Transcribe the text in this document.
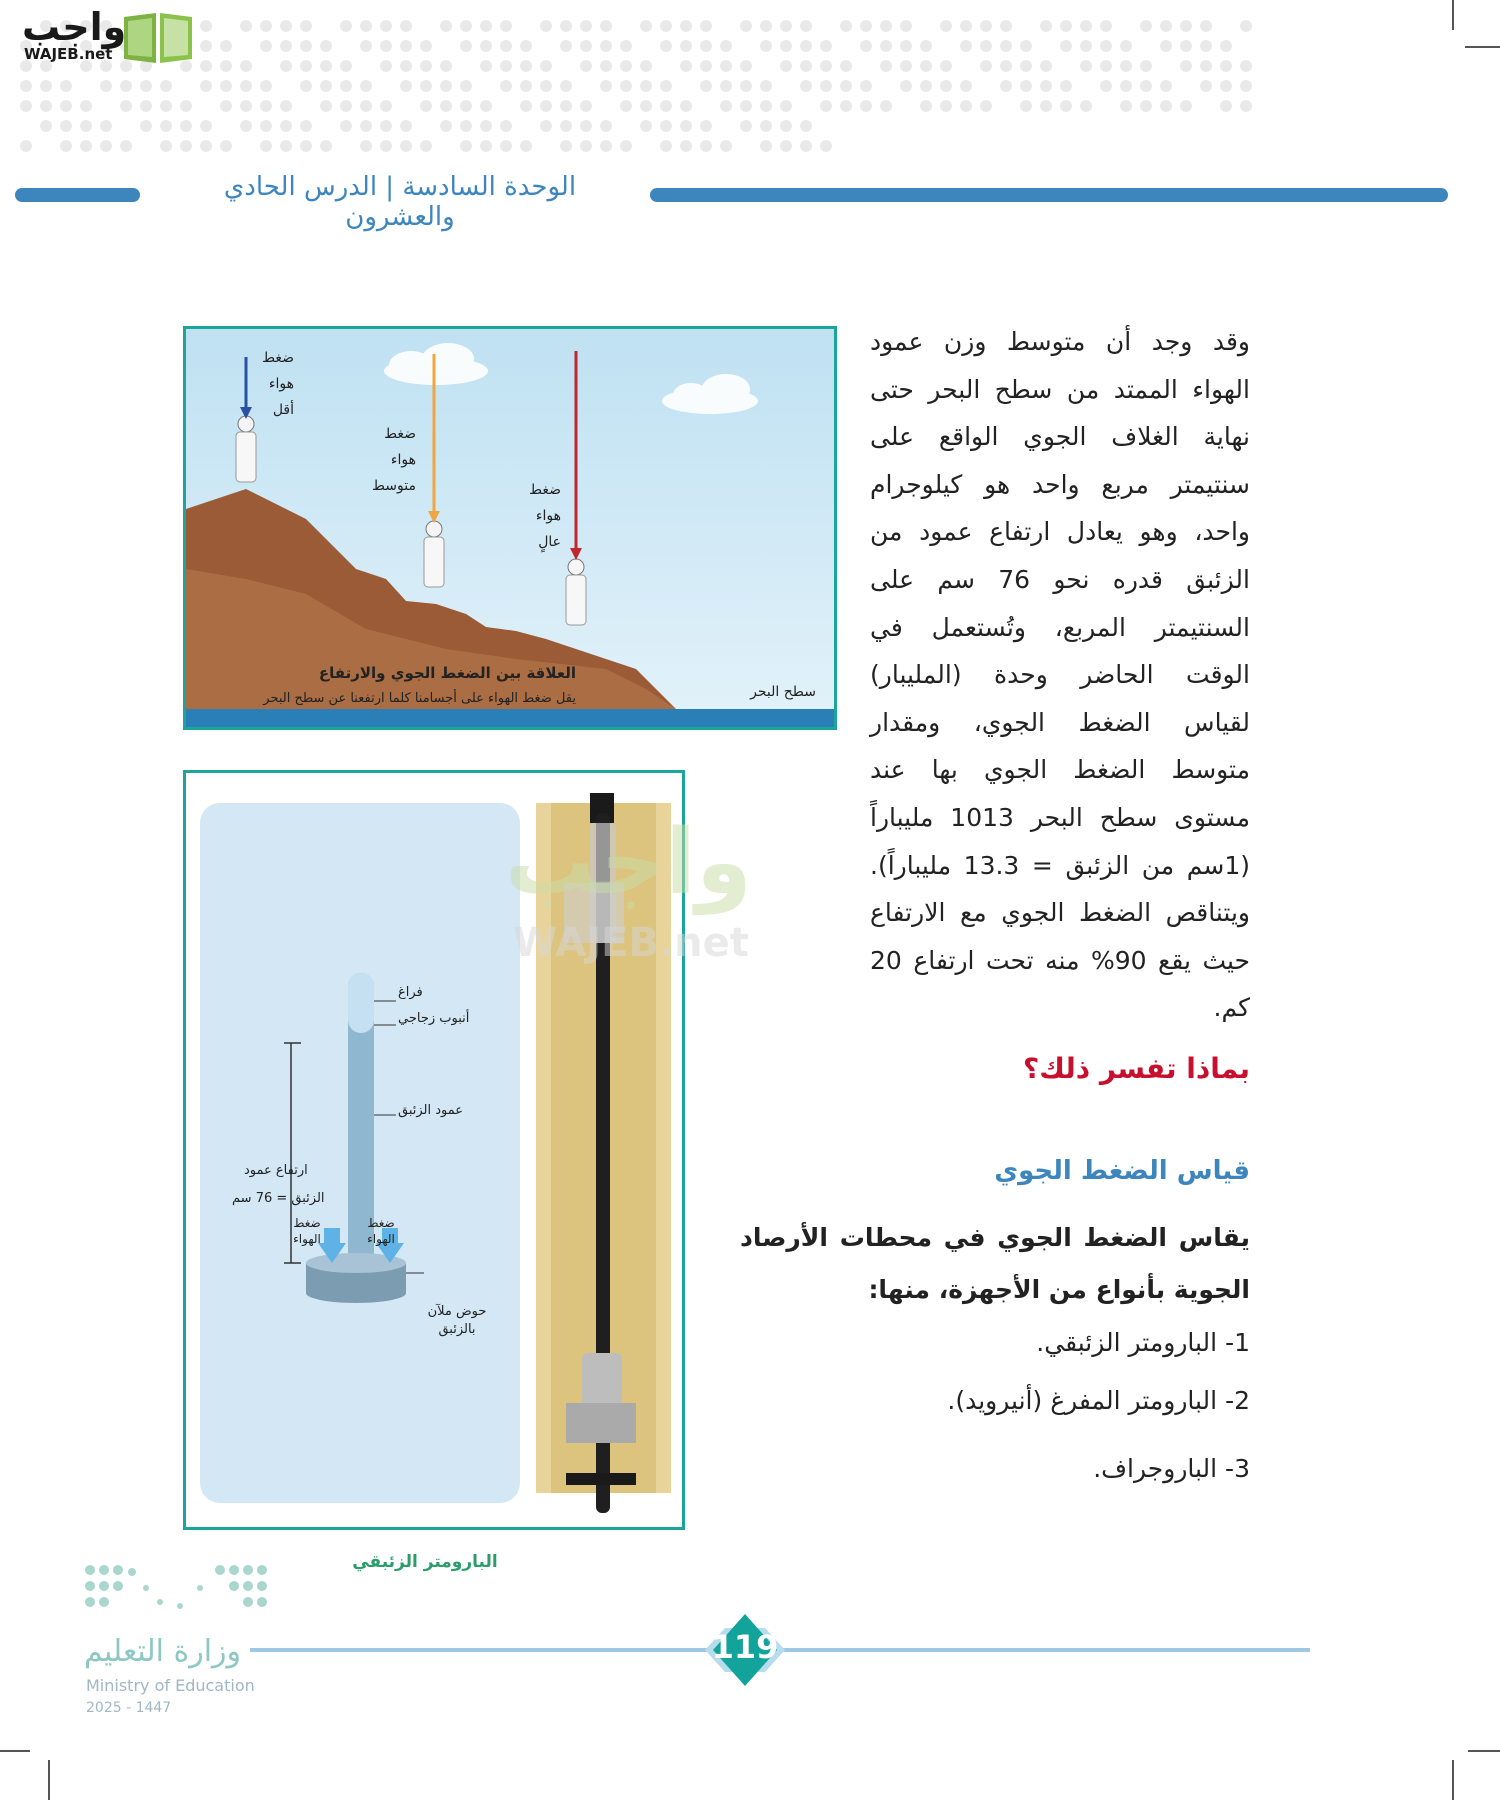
الوحدة السادسة | الدرس الحادي والعشرون
واجب
WAJEB.net
ضغط
هواء
أقل
ضغط
هواء
متوسط	ضغط
هواء
عالٍ
العلاقة بين الضغط الجوي والارتفاع
يقل ضغط الهواء على أجسامنا كلما ارتفعنا عن سطح البحر	سطح البحر
فراغ
أنبوب زجاجي
عمود الزئبق
ارتفاع عمود
الزئبق = 76 سم
ضغط
الهواء
ضغط
الهواء
حوض ملآن
بالزئبق
البارومتر الزئبقي
واجب
WAJEB.net
وقد وجد أن متوسط وزن عمود الهواء الممتد من سطح البحر حتى نهاية الغلاف الجوي الواقع على سنتيمتر مربع واحد هو كيلوجرام واحد، وهو يعادل ارتفاع عمود من الزئبق قدره نحو 76 سم على السنتيمتر المربع، وتُستعمل في الوقت الحاضر وحدة (المليبار) لقياس الضغط الجوي، ومقدار متوسط الضغط الجوي بها عند مستوى سطح البحر 1013 مليباراً (1سم من الزئبق = 13.3 مليباراً). ويتناقص الضغط الجوي مع الارتفاع حيث يقع 90% منه تحت ارتفاع 20 كم.
بماذا تفسر ذلك؟
قياس الضغط الجوي
يقاس الضغط الجوي في محطات الأرصاد الجوية بأنواع من الأجهزة، منها:
1- البارومتر الزئبقي.
2- البارومتر المفرغ (أنيرويد).
3- الباروجراف.
119
وزارة التعليم
Ministry of Education
2025 - 1447
